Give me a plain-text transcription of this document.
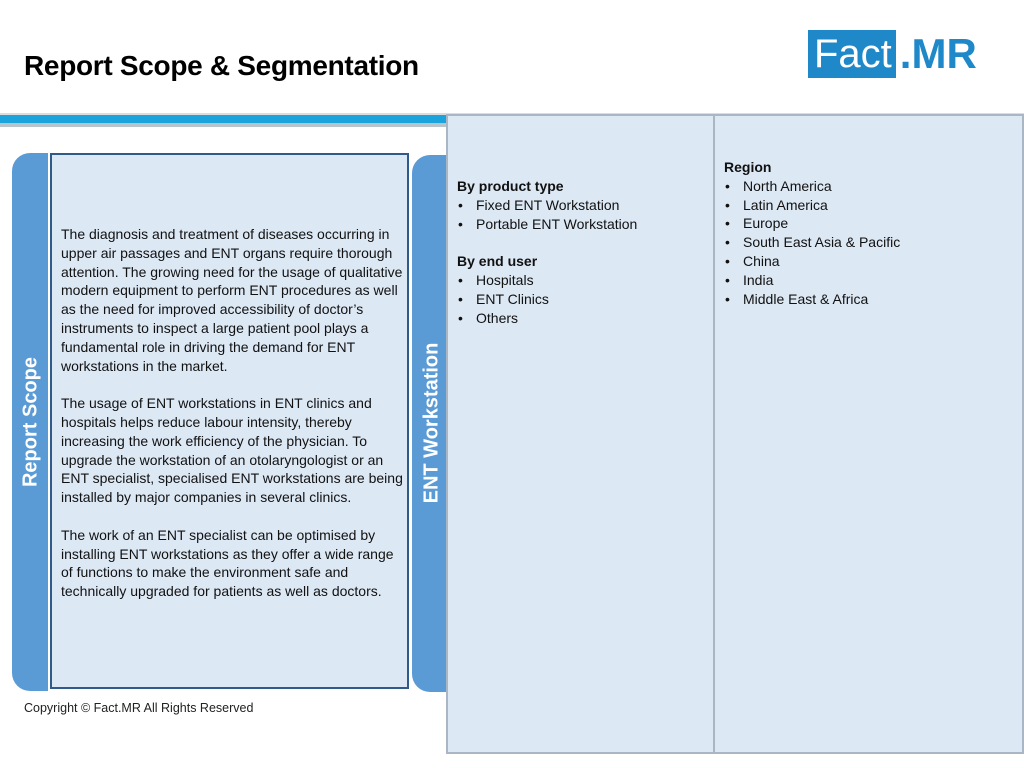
Report Scope & Segmentation	Fact .MR
Report Scope

The diagnosis and treatment of diseases occurring in upper air passages and ENT organs require thorough attention. The growing need for the usage of qualitative modern equipment to perform ENT procedures as well as the need for improved accessibility of doctor’s instruments to inspect a large patient pool plays a fundamental role in driving the demand for ENT workstations in the market.

The usage of ENT workstations in ENT clinics and hospitals helps reduce labour intensity, thereby increasing the work efficiency of the physician. To upgrade the workstation of an otolaryngologist or an ENT specialist, specialised ENT workstations are being installed by major companies in several clinics.

The work of an ENT specialist can be optimised by installing ENT workstations as they offer a wide range of functions to make the environment safe and technically upgraded for patients as well as doctors.

ENT Workstation
By product type
• Fixed ENT Workstation
• Portable ENT Workstation
By end user
• Hospitals
• ENT Clinics
• Others
Region
• North America
• Latin America
• Europe
• South East Asia & Pacific
• China
• India
• Middle East & Africa
Copyright © Fact.MR All Rights Reserved
